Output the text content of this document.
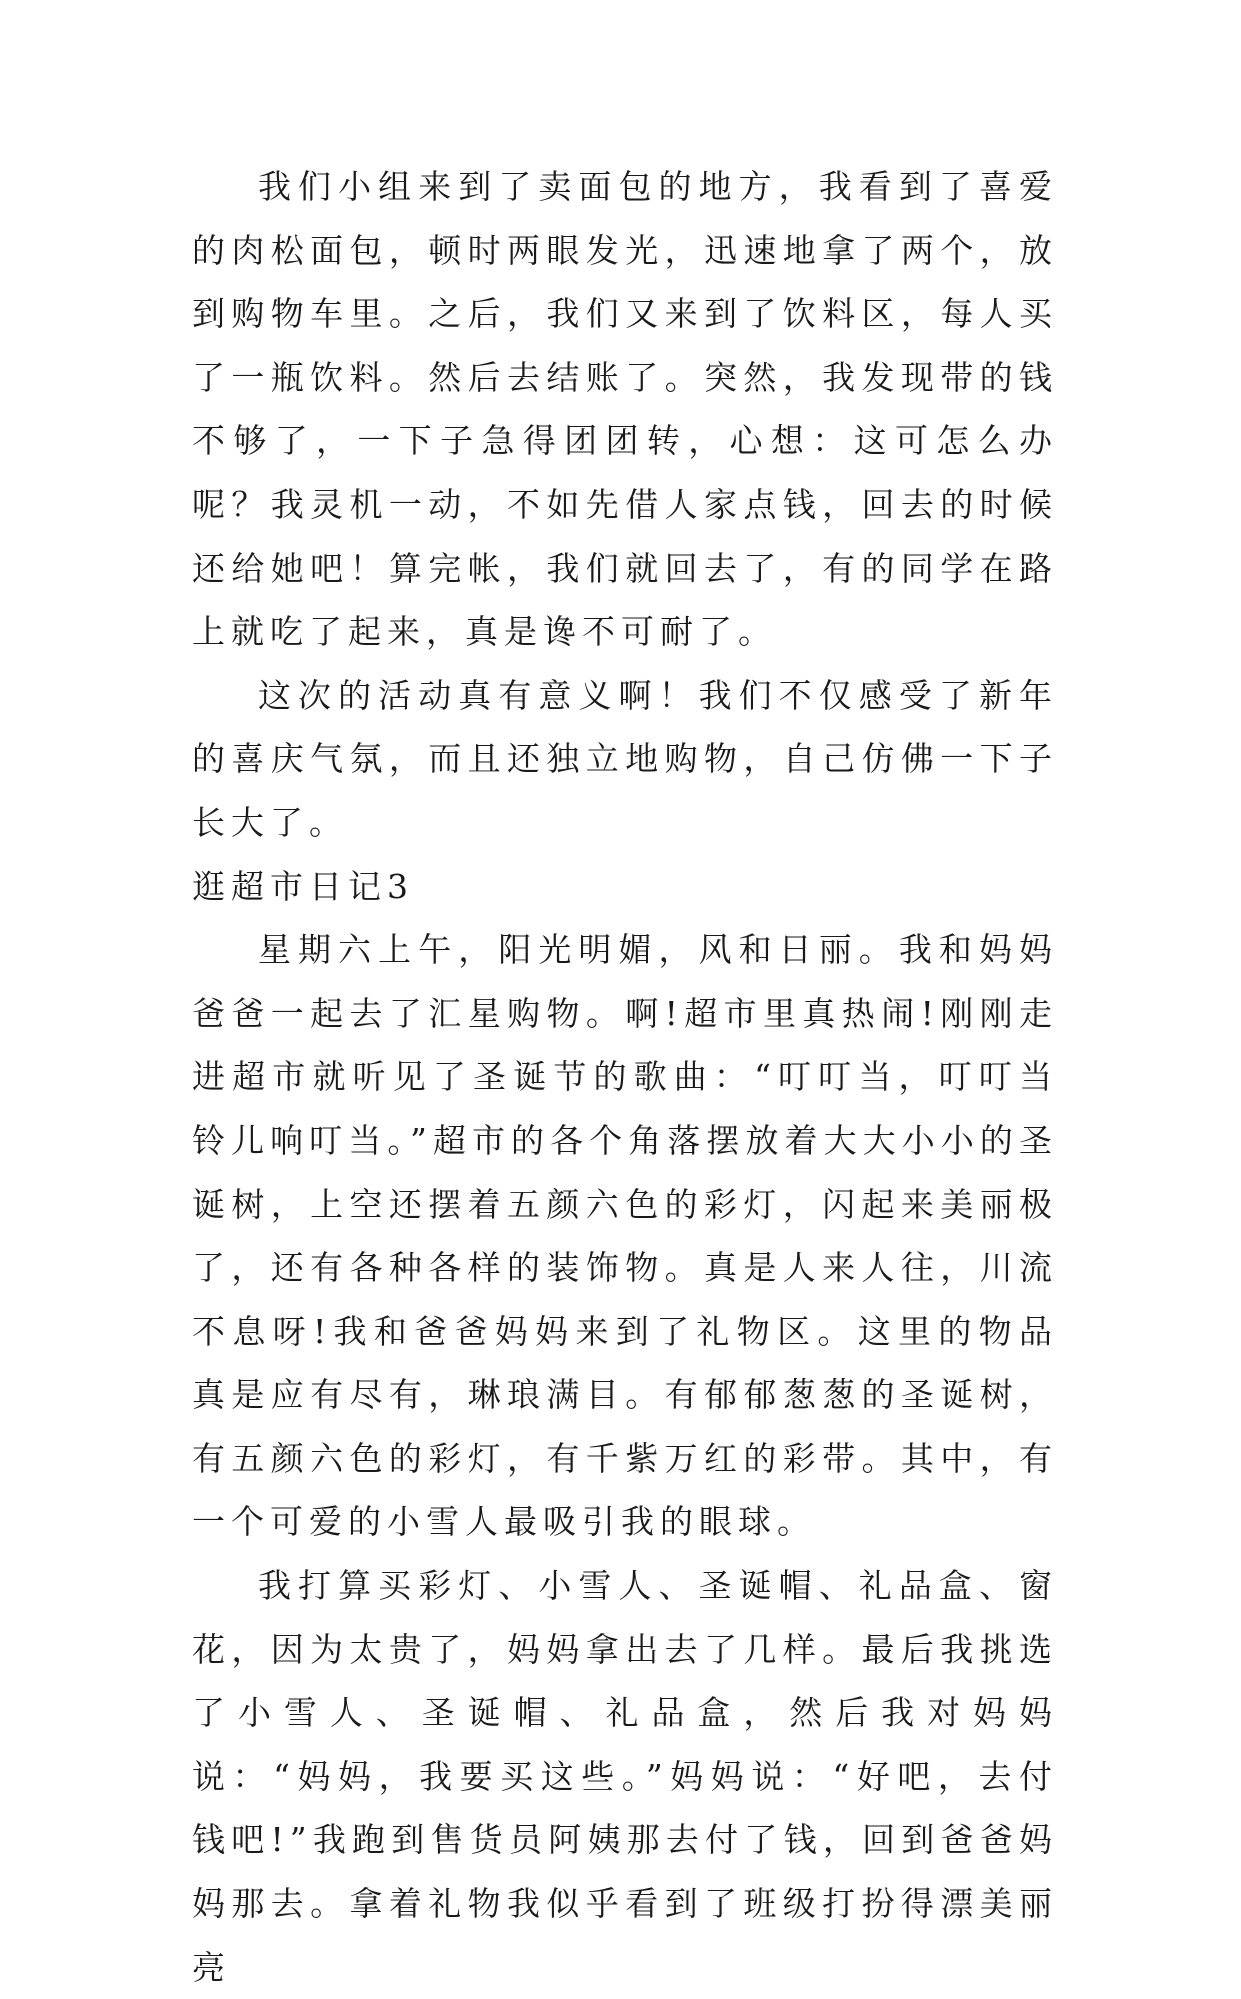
我们小组来到了卖面包的地方，我看到了喜爱的肉松面包，顿时两眼发光，迅速地拿了两个，放到购物车里。之后，我们又来到了饮料区，每人买了一瓶饮料。然后去结账了。突然，我发现带的钱不够了，一下子急得团团转，心想：这可怎么办呢？我灵机一动，不如先借人家点钱，回去的时候还给她吧！算完帐，我们就回去了，有的同学在路上就吃了起来，真是谗不可耐了。

这次的活动真有意义啊！我们不仅感受了新年的喜庆气氛，而且还独立地购物，自己仿佛一下子长大了。

逛超市日记3

星期六上午，阳光明媚，风和日丽。我和妈妈爸爸一起去了汇星购物。啊!超市里真热闹!刚刚走进超市就听见了圣诞节的歌曲：“叮叮当，叮叮当铃儿响叮当。”超市的各个角落摆放着大大小小的圣诞树，上空还摆着五颜六色的彩灯，闪起来美丽极了，还有各种各样的装饰物。真是人来人往，川流不息呀!我和爸爸妈妈来到了礼物区。这里的物品真是应有尽有，琳琅满目。有郁郁葱葱的圣诞树，有五颜六色的彩灯，有千紫万红的彩带。其中，有一个可爱的小雪人最吸引我的眼球。

我打算买彩灯、小雪人、圣诞帽、礼品盒、窗花，因为太贵了，妈妈拿出去了几样。最后我挑选了小雪人、圣诞帽、礼品盒，然后我对妈妈说：“妈妈，我要买这些。”妈妈说：“好吧，去付钱吧!”我跑到售货员阿姨那去付了钱，回到爸爸妈妈那去。拿着礼物我似乎看到了班级打扮得漂美丽亮
